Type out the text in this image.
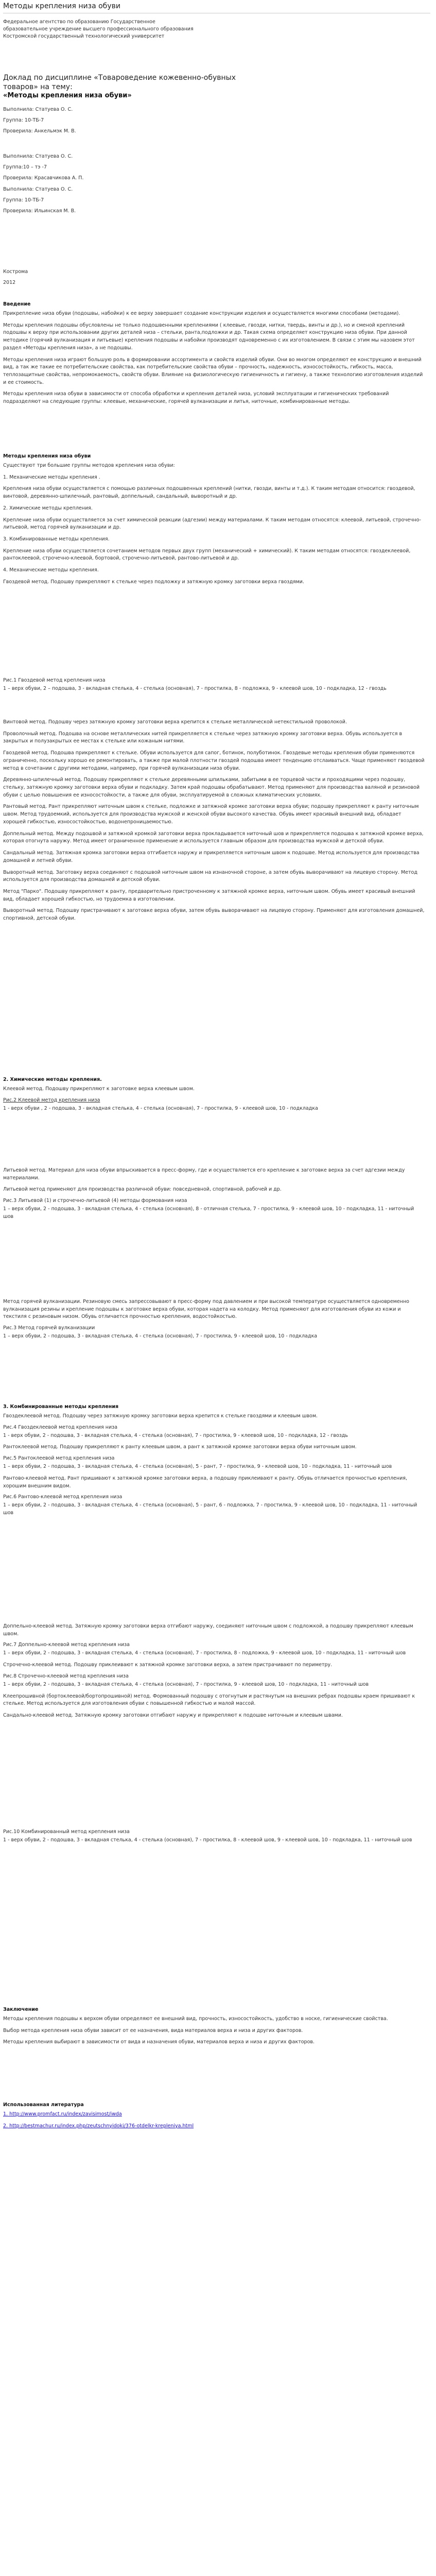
Методы крепления низа обуви

Федеральное агентство по образованию Государственное

образовательное учреждение высшего профессионального образования

Костромской государственный технологический университет

Доклад по дисциплине «Товароведение кожевенно-обувных

товаров» на тему:

«Методы крепления низа обуви»

Выполнила: Статуева О. С.

Группа: 10-ТБ-7

Проверила: Анкельмэк М. В.

Выполнила: Статуева О. С.

Группа:10 – тэ -7

Проверила: Красавчикова А. П.

Выполнила: Статуева О. С.

Группа: 10-ТБ-7

Проверила: Ильинская М. В.

Кострома

2012

Введение

Прикрепление низа обуви (подошвы, набойки) к ее верху завершает создание конструкции изделия и осуществляется многими способами (методами).

Методы крепления подошвы обусловлены не только подошвенными креплениями ( клеевые, гвозди, нитки, твердь, винты и др.), но и сменой креплений подошвы к верху при использовании других деталей низа – стельки, ранта,подложки и др. Такая схема определяет конструкцию низа обуви. При данной методике (горячий вулканизация и литьевые) крепления подошвы и набойки производят одновременно с их изготовлением. В связи с этим мы назовем этот раздел «Методы крепления низа», а не подошвы.

Методы крепления низа играют большую роль в формировании ассортимента и свойств изделий обуви. Они во многом определяют ее конструкцию и внешний вид, а так же такие ее потребительские свойства, как потребительские свойства обуви – прочность, надежность, износостойкость, гибкость, масса, теплозащитные свойства, непромокаемость, свойств обуви. Влияние на физиологическую гигиеничность и гигиену, а также технологию изготовления изделий и ее стоимость.

Методы крепления низа обуви в зависимости от способа обработки и крепления деталей низа, условий эксплуатации и гигиенических требований подразделяют на следующие группы: клеевые, механические, горячей вулканизации и литья, ниточные, комбинированные методы.

Методы крепления низа обуви

Существуют три большие группы методов крепления низа обуви:

1. Механические методы крепления .

Крепления низа обуви осуществляется с помощью различных подошвенных креплений (нитки, гвозди, винты и т.д.). К таким методам относится: гвоздевой, винтовой, деревянно-шпилечный, рантовый, доппельный, сандальный, выворотный и др.

2. Химические методы крепления.

Крепление низа обуви осуществляется за счет химической реакции (адгезии) между материалами. К таким методам относятся: клеевой, литьевой, строчечно-литьевой, метод горячей вулканизации и др.

3. Комбинированные методы крепления.

Крепление низа обуви осуществляется сочетанием методов первых двух групп (механический + химический). К таким методам относятся: гвоздеклеевой, рантоклеевой, строчечно-клеевой, бортовой, строчечно-литьевой, рантово-литьевой и др.

4. Механические методы крепления.

Гвоздевой метод. Подошву прикрепляют к стельке через подложку и затяжную кромку заготовки верха гвоздями.

Рис.1 Гвоздевой метод крепления низа

1 – верх обуви, 2 – подошва, 3 - вкладная стелька, 4 - стелька (основная), 7 - простилка, 8 - подложка, 9 - клеевой шов, 10 - подкладка, 12 - гвоздь

Винтовой метод. Подошву через затяжную кромку заготовки верха крепится к стельке металлической нетекстильной проволокой.

Проволочный метод. Подошва на основе металлических нитей прикрепляется к стельке через затяжную кромку заготовки верха. Обувь используется в закрытых и полузакрытых ее местах к стельке или кожаным нитями.

Гвоздевой метод. Подошва прикрепляют к стельке. Обуви используется для сапог, ботинок, полуботинок. Гвоздевые методы крепления обуви применяются ограниченно, поскольку хорошо ее ремонтировать, а также при малой плотности гвоздей подошва имеет тенденцию отслаиваться. Чаще применяют гвоздевой метод в сочетании с другими методами, например, при горячей вулканизации низа обуви.

Деревянно-шпилечный метод. Подошву прикрепляют к стельке деревянными шпильками, забитыми в ее торцевой части и проходящими через подошву, стельку, затяжную кромку заготовки верха обуви и подкладку. Затем край подошвы обрабатывают. Метод применяют для производства валяной и резиновой обуви с целью повышения ее износостойкости, а также для обуви, эксплуатируемой в сложных климатических условиях.

Рантовый метод. Рант прикрепляют ниточным швом к стельке, подложке и затяжной кромке заготовки верха обуви; подошву прикрепляют к ранту ниточным швом. Метод трудоемкий, используется для производства мужской и женской обуви высокого качества. Обувь имеет красивый внешний вид, обладает хорошей гибкостью, износостойкостью, водонепроницаемостью.

Доппельный метод. Между подошвой и затяжной кромкой заготовки верха прокладывается ниточный шов и прикрепляется подошва к затяжной кромке верха, которая отогнута наружу. Метод имеет ограниченное применение и используется главным образом для производства мужской и детской обуви.

Сандальный метод. Затяжная кромка заготовки верха отгибается наружу и прикрепляется ниточным швом к подошве. Метод используется для производства домашней и летней обуви.

Выворотный метод. Заготовку верха соединяют с подошвой ниточным швом на изнаночной стороне, а затем обувь выворачивают на лицевую сторону. Метод используется для производства домашней и детской обуви.

Метод "Парко". Подошву прикрепляют к ранту, предварительно пристроченному к затяжной кромке верха, ниточным швом. Обувь имеет красивый внешний вид, обладает хорошей гибкостью, но трудоемка в изготовлении.

Выворотный метод. Подошву пристрачивают к заготовке верха обуви, затем обувь выворачивают на лицевую сторону. Применяют для изготовления домашней, спортивной, детской обуви.

2. Химические методы крепления.

Клеевой метод. Подошву прикрепляют к заготовке верха клеевым швом.

Рис.2 Клеевой метод крепления низа

1 - верх обуви , 2 - подошва, 3 - вкладная стелька, 4 - стелька (основная), 7 - простилка, 9 - клеевой шов, 10 - подкладка

Литьевой метод. Материал для низа обуви впрыскивается в пресс-форму, где и осуществляется его крепление к заготовке верха за счет адгезии между материалами.

Литьевой метод применяют для производства различной обуви: повседневной, спортивной, рабочей и др.

Рис.3 Литьевой (1) и строчечно-литьевой (4) методы формования низа

1 – верх обуви, 2 - подошва, 3 - вкладная стелька, 4 - стелька (основная), 8 - отличная стелька, 7 - простилка, 9 - клеевой шов, 10 - подкладка, 11 - ниточный шов

Метод горячей вулканизации. Резиновую смесь запрессовывают в пресс-форму под давлением и при высокой температуре осуществляется одновременно вулканизация резины и крепление подошвы к заготовке верха обуви, которая надета на колодку. Метод применяют для изготовления обуви из кожи и текстиля с резиновым низом. Обувь отличается прочностью крепления, водостойкостью.

Рис.3 Метод горячей вулканизации

1 – верх обуви, 2 - подошва, 3 - вкладная стелька, 4 - стелька (основная), 7 - простилка, 9 - клеевой шов, 10 - подкладка

3. Комбинированные методы крепления

Гвоздеклеевой метод. Подошву через затяжную кромку заготовки верха крепится к стельке гвоздями и клеевым швом.

Рис.4 Гвоздеклеевой метод крепления низа

1 - верх обуви, 2 - подошва, 3 - вкладная стелька, 4 - стелька (основная), 7 - простилка, 9 - клеевой шов, 10 - подкладка, 12 - гвоздь

Рантоклеевой метод. Подошву прикрепляют к ранту клеевым швом, а рант к затяжной кромке заготовки верха обуви ниточным швом.

Рис.5 Рантоклеевой метод крепления низа

1 – верх обуви, 2 - подошва, 3 - вкладная стелька, 4 - стелька (основная), 5 - рант, 7 - простилка, 9 - клеевой шов, 10 - подкладка, 11 - ниточный шов

Рантово-клеевой метод. Рант пришивают к затяжной кромке заготовки верха, а подошву приклеивают к ранту. Обувь отличается прочностью крепления, хорошим внешним видом.

Рис.6 Рантово-клеевой метод крепления низа

1 – верх обуви, 2 - подошва, 3 - вкладная стелька, 4 - стелька (основная), 5 - рант, 6 - подложка, 7 - простилка, 9 - клеевой шов, 10 - подкладка, 11 - ниточный шов

Доппельно-клеевой метод. Затяжную кромку заготовки верха отгибают наружу, соединяют ниточным швом с подложкой, а подошву прикрепляют клеевым швом.

Рис.7 Доппельно-клеевой метод крепления низа

1 – верх обуви, 2 - подошва, 3 - вкладная стелька, 4 - стелька (основная), 7 - простилка, 8 - подложка, 9 - клеевой шов, 10 - подкладка, 11 - ниточный шов

Строчечно-клеевой метод. Подошву приклеивают к затяжной кромке заготовки верха, а затем пристрачивают по периметру.

Рис.8 Строчечно-клеевой метод крепления низа

1 – верх обуви, 2 - подошва, 3 - вкладная стелька, 4 - стелька (основная), 7 - простилка, 9 - клеевой шов, 10 - подкладка, 11 - ниточный шов

Клеепрошивной (бортоклеевой/бортопрошивной) метод. Формованный подошву с отогнутым и растянутым на внешних ребрах подошвы краем пришивают к стельке. Метод используется для изготовления обуви с повышенной гибкостью и малой массой.

Сандально-клеевой метод. Затяжную кромку заготовки отгибают наружу и прикрепляют к подошве ниточным и клеевым швами.

Рис.10 Комбинированный метод крепления низа

1 - верх обуви, 2 - подошва, 3 - вкладная стелька, 4 - стелька (основная), 7 - простилка, 8 - клеевой шов, 9 - клеевой шов, 10 - подкладка, 11 - ниточный шов

Заключение

Методы крепления подошвы к верхом обуви определяют ее внешний вид, прочность, износостойкость, удобство в носке, гигиенические свойства.

Выбор метода крепления низа обуви зависит от ее назначения, вида материалов верха и низа и других факторов.

Методы крепления выбирают в зависимости от вида и назначения обуви, материалов верха и низа и других факторов.

Использованная литература

1. http://www.promfact.ru/index/zavisimost/iwda

2. http://bestmachur.ru/index.php/zeutschnyidoki/376-otdelkr-krepleniya.html
